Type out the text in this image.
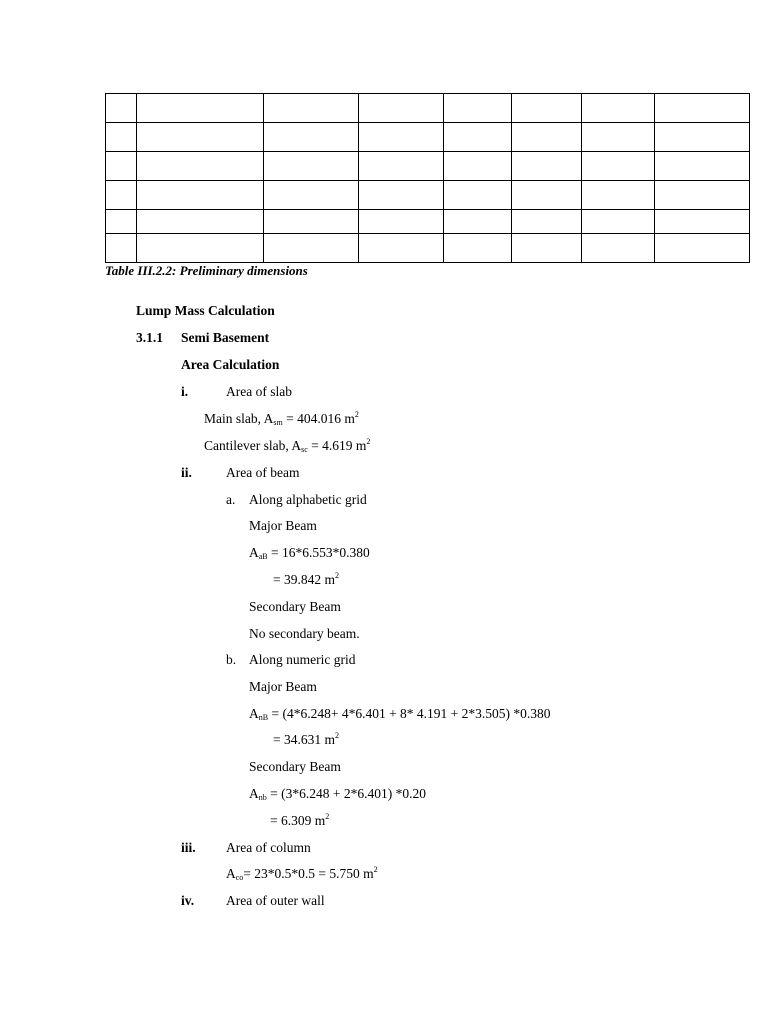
Table III.2.2: Preliminary dimensions
Lump Mass Calculation
3.1.1 Semi Basement
Area Calculation
i.	Area of slab
Main slab, $A_{sm} = 404.016$ $m^2$
Cantilever slab, $A_{sc} = 4.619$ $m^2$
ii.	Area of beam
a. Along alphabetic grid
Major Beam
$A_{aB} = 16*6.553*0.380$
= 39.842 $m^2$
Secondary Beam
No secondary beam.
b. Along numeric grid
Major Beam
$A_{nB} = (4*6.248+ 4*6.401 + 8*$ 4.191 + 2*3.505) *0.380
= 34.631 $m^2$
Secondary Beam
$A_{nb} = (3*6.248 + 2*6.401)$ *0.20
= 6.309 $m^2$
iii. Area of column
$A_{co}= 23*0.5*0.5 = 5.750$ $m^2$
iv. Area of outer wall
